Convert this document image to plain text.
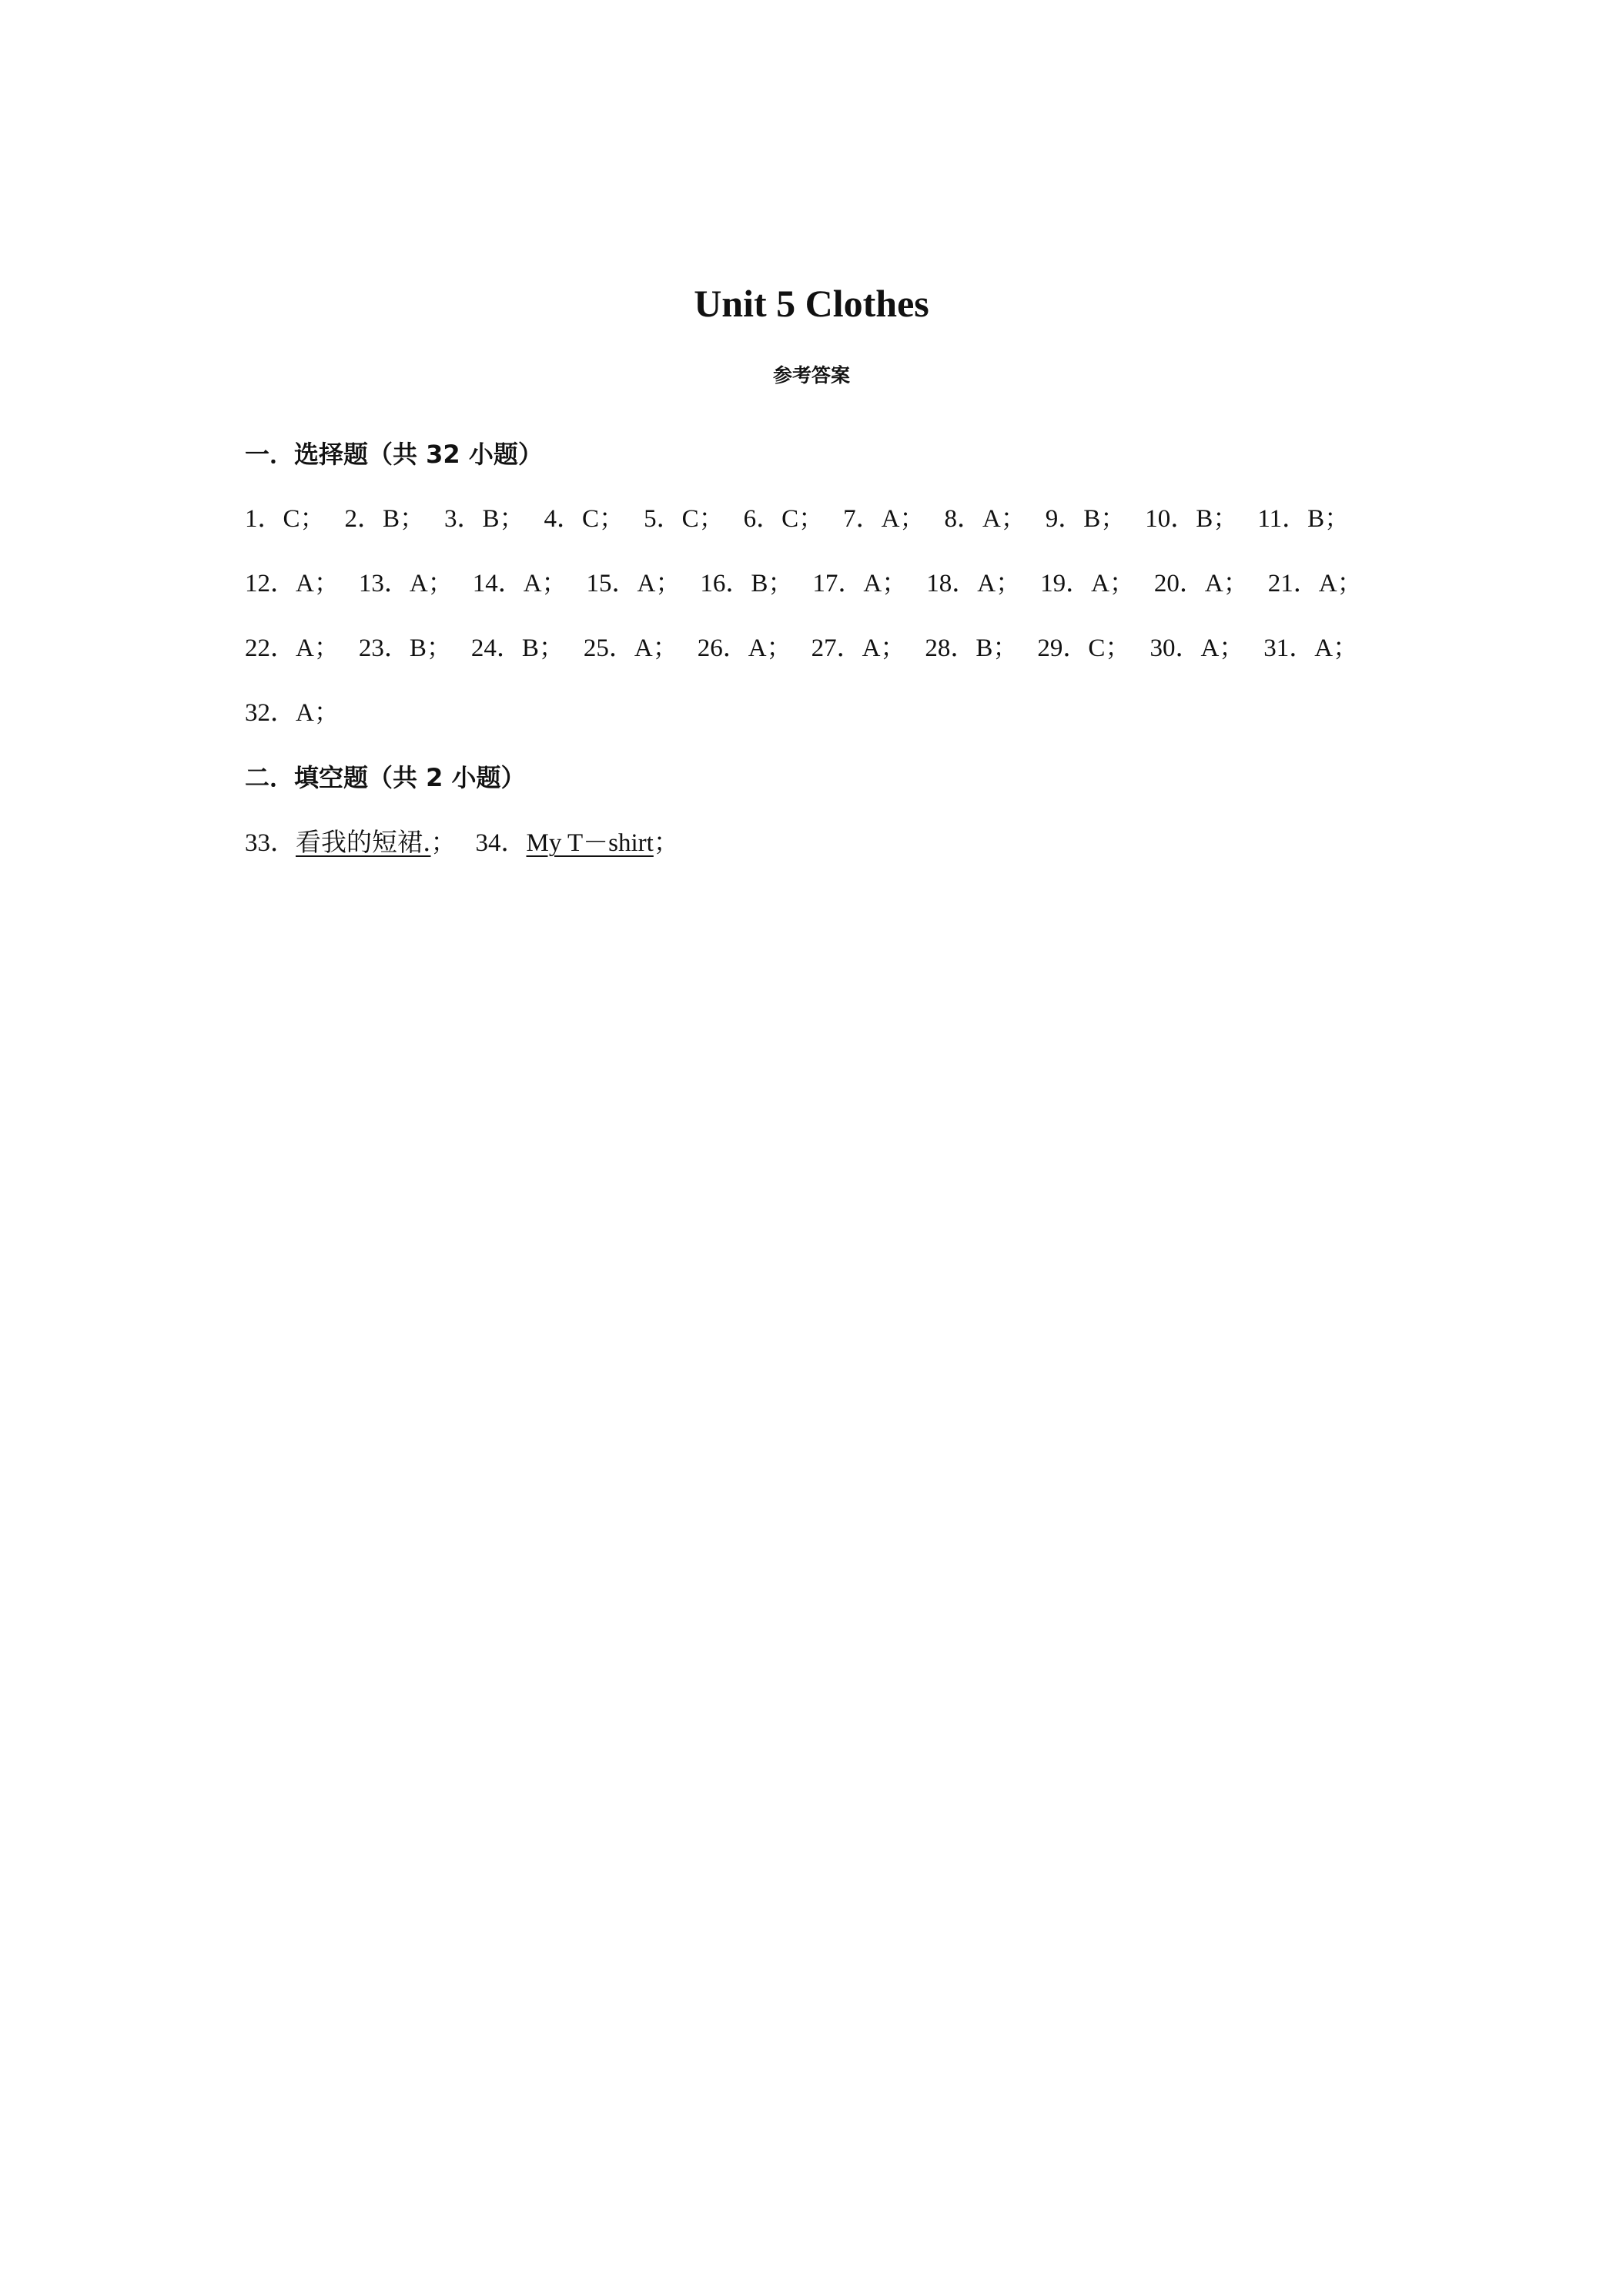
Unit 5 Clothes
参考答案
一．选择题（共 32 小题）
1．C； 2．B； 3．B； 4．C； 5．C； 6．C； 7．A； 8．A； 9．B； 10．B； 11．B；
12．A； 13．A； 14．A； 15．A； 16．B； 17．A； 18．A； 19．A； 20．A； 21．A；
22．A； 23．B； 24．B； 25．A； 26．A； 27．A； 28．B； 29．C； 30．A； 31．A；
32．A；
二．填空题（共 2 小题）
33．看我的短裙.； 34．My T－shirt；
